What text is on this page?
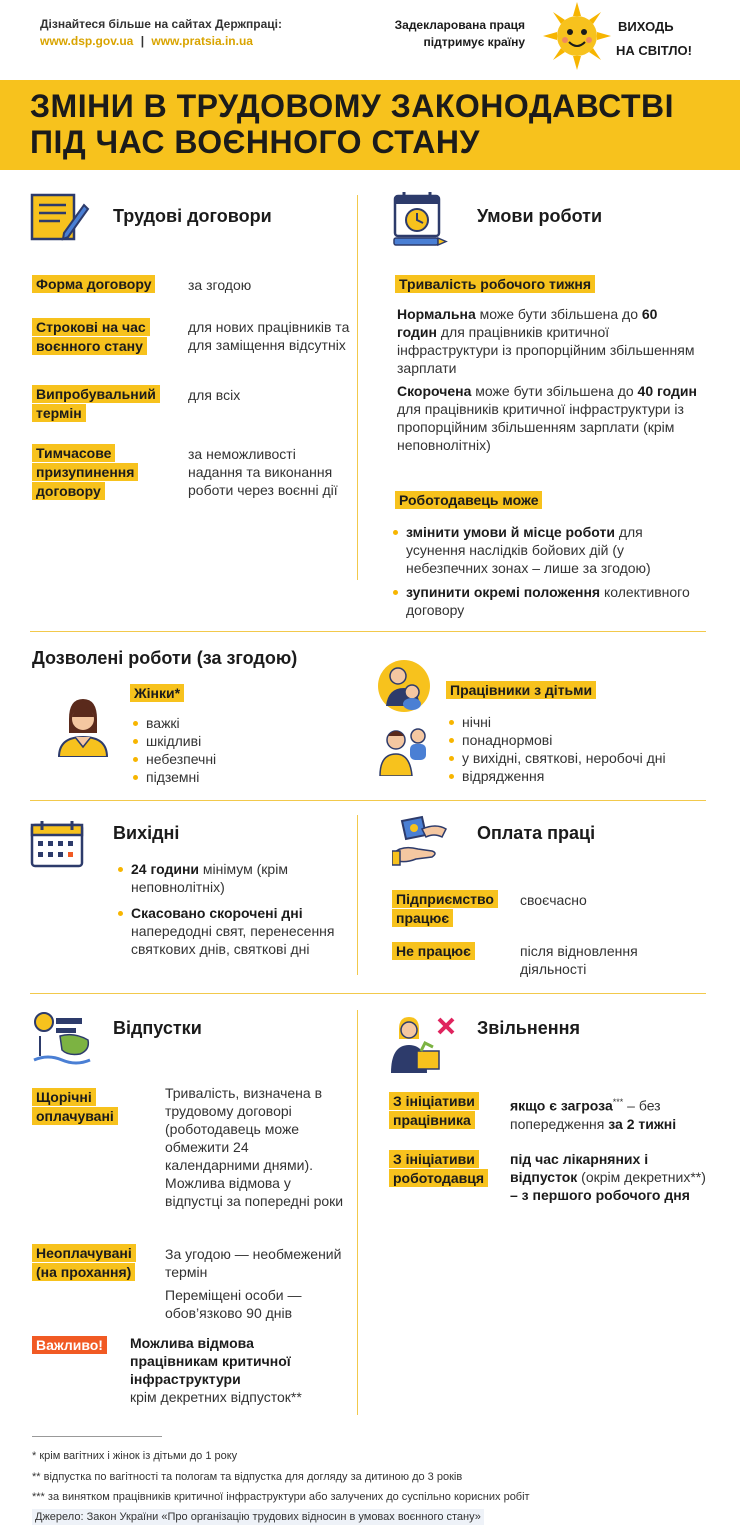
Дізнайтеся більше на сайтах Держпраці:
www.dsp.gov.ua | www.pratsia.in.ua
Задекларована праця
підтримує країну
ВИХОДЬ
НА СВІТЛО!
ЗМІНИ В ТРУДОВОМУ ЗАКОНОДАВСТВІ
ПІД ЧАС ВОЄННОГО СТАНУ
Трудові договори
Форма договору	за згодою
Строкові на час воєнного стану
для нових працівників та для заміщення відсутніх
Випробувальний термін
для всіх
Тимчасове призупинення договору
за неможливості надання та виконання роботи через воєнні дії
Умови роботи
Тривалість робочого тижня
Нормальна може бути збільшена до 60 годин для працівників критичної інфраструктури із пропорційним збільшенням зарплати
Скорочена може бути збільшена до 40 годин для працівників критичної інфраструктури із пропорційним збільшенням зарплати (крім неповнолітніх)
Роботодавець може
змінити умови й місце роботи для усунення наслідків бойових дій (у небезпечних зонах – лише за згодою)
зупинити окремі положення колективного договору
Дозволені роботи (за згодою)
Жінки*
важкі
шкідливі
небезпечні
підземні
Працівники з дітьми
нічні
понаднормові
у вихідні, святкові, неробочі дні
відрядження
Вихідні
24 години мінімум (крім неповнолітніх)
Скасовано скорочені дні напередодні свят, перенесення святкових днів, святкові дні
Оплата праці
Підприємство працює
своєчасно
Не працює	після відновлення діяльності
Відпустки
Щорічні оплачувані
Тривалість, визначена в трудовому договорі (роботодавець може обмежити 24 календарними днями). Можлива відмова у відпустці за попередні роки
Неоплачувані (на прохання)
За угодою — необмежений термін
Переміщені особи — обов’язково 90 днів
Важливо! Можлива відмова працівникам критичної інфраструктури
крім декретних відпусток**
Звільнення
З ініціативи працівника
якщо є загроза*** – без попередження за 2 тижні
З ініціативи роботодавця
під час лікарняних і відпусток (окрім декретних**) – з першого робочого дня
* крім вагітних і жінок із дітьми до 1 року
** відпустка по вагітності та пологам та відпустка для догляду за дитиною до 3 років
*** за винятком працівників критичної інфраструктури або залучених до суспільно корисних робіт
Джерело: Закон України «Про організацію трудових відносин в умовах воєнного стану»
